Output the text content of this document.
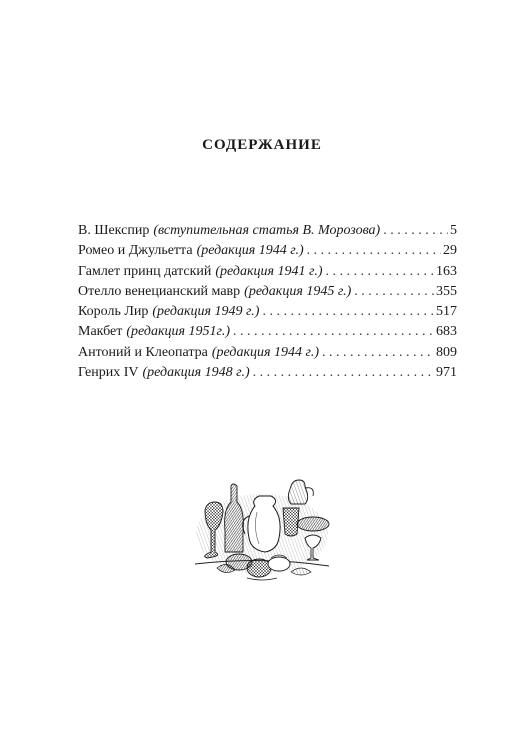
СОДЕРЖАНИЕ
В. Шекспир (вступительная статья В. Морозова) . . .	5
Ромео и Джульетта (редакция 1944 г.) . . .	29
Гамлет принц датский (редакция 1941 г.) . . .	163
Отелло венецианский мавр (редакция 1945 г.) . . .	355
Король Лир (редакция 1949 г.) . . .	517
Макбет (редакция 1951г.) . . .	683
Антоний и Клеопатра (редакция 1944 г.) . . .	809
Генрих IV (редакция 1948 г.) . . .	971
